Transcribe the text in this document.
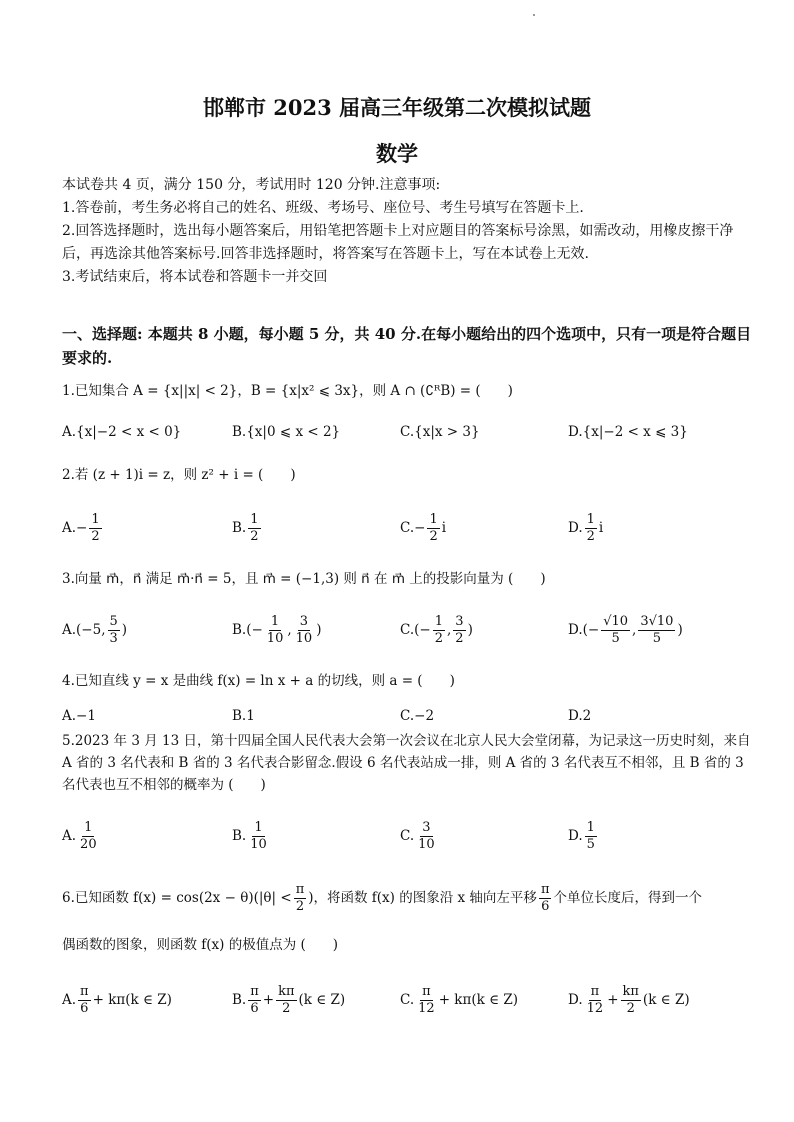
邯郸市 2023 届高三年级第二次模拟试题
数学

本试卷共 4 页，满分 150 分，考试用时 120 分钟.注意事项:

1.答卷前，考生务必将自己的姓名、班级、考场号、座位号、考生号填写在答题卡上.

2.回答选择题时，选出每小题答案后，用铅笔把答题卡上对应题目的答案标号涂黑，如需改动，用橡皮擦干净后，再选涂其他答案标号.回答非选择题时，将答案写在答题卡上，写在本试卷上无效.

3.考试结束后，将本试卷和答题卡一并交回

一、选择题: 本题共 8 小题，每小题 5 分，共 40 分.在每小题给出的四个选项中，只有一项是符合题目要求的.

1.已知集合 A = {x||x| < 2}，B = {x|x² ⩽ 3x}，则 A ∩ (∁ᴿB) = (　　)

A.{x|−2 < x < 0}	B.{x|0 ⩽ x < 2}	C.{x|x > 3}	D.{x|−2 < x ⩽ 3}

2.若 (z + 1)i = z，则 z² + i = (　　)

$A.- \frac{1}{2}$	B. $\frac{1}{2}$	$C.- \frac{1}{2}$ i	D. $\frac{1}{2}$ i

3.向量 m⃗，n⃗ 满足 m⃗·n⃗ = 5，且 m⃗ = (−1,3) 则 n⃗ 在 m⃗ 上的投影向量为 (　　)

A.(−5, $\frac{5}{3}$ )	$B.(- \frac{1}{10}$ , $\frac{3}{10}$ )	$C.(- \frac{1}{2}$ , $\frac{3}{2}$ )	$D.(- \frac{√10}{5}$ , $\frac{3√10}{5}$ )

4.已知直线 y = x 是曲线 f(x) = ln x + a 的切线，则 a = (　　)

A.−1	B.1	C.−2	D.2

5.2023 年 3 月 13 日，第十四届全国人民代表大会第一次会议在北京人民大会堂闭幕，为记录这一历史时刻，来自 A 省的 3 名代表和 B 省的 3 名代表合影留念.假设 6 名代表站成一排，则 A 省的 3 名代表互不相邻，且 B 省的 3 名代表也互不相邻的概率为 (　　)

A. $\frac{1}{20}$	B. $\frac{1}{10}$	C. $\frac{3}{10}$	D. $\frac{1}{5}$

6.已知函数 $f(x) = \cos(2x - \theta)(|\theta| < \frac{\pi}{2}$ )，将函数 f(x) 的图象沿 x 轴向左平移 $\frac{\pi}{6}$ 个单位长度后，得到一个

偶函数的图象，则函数 f(x) 的极值点为 (　　)

A. $\frac{\pi}{6} + k\pi(k$ ∈ Z)	B. $\frac{\pi}{6} + \frac{k\pi}{2} (k$ ∈ Z)	C. $\frac{\pi}{12} + k\pi(k$ ∈ Z)	D. $\frac{\pi}{12} + \frac{k\pi}{2} (k$ ∈ Z)
